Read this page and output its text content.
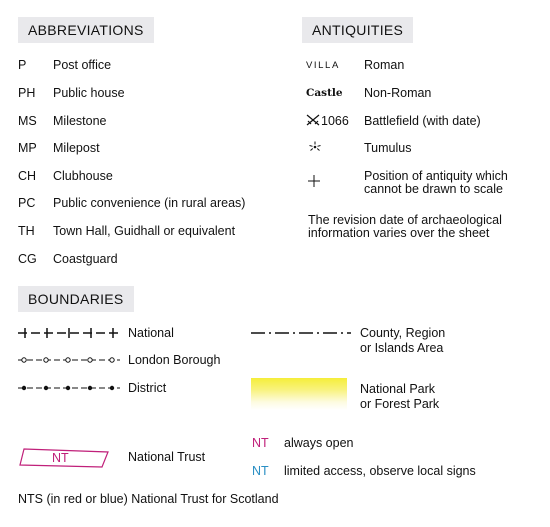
ABBREVIATIONS
P Post office
PH Public house
MS Milestone
MP Milepost
CH Clubhouse
PC Public convenience (in rural areas)
TH Town Hall, Guidhall or equivalent
CG Coastguard
ANTIQUITIES
VILLA Roman
Castle Non-Roman
1066 Battlefield (with date)
Tumulus
Position of antiquity which
cannot be drawn to scale
The revision date of archaeological
information varies over the sheet
BOUNDARIES
National
London Borough
District
County, Region
or Islands Area
National Park
or Forest Park
NT	National Trust
NT always open
NT limited access, observe local signs
NTS (in red or blue) National Trust for Scotland
